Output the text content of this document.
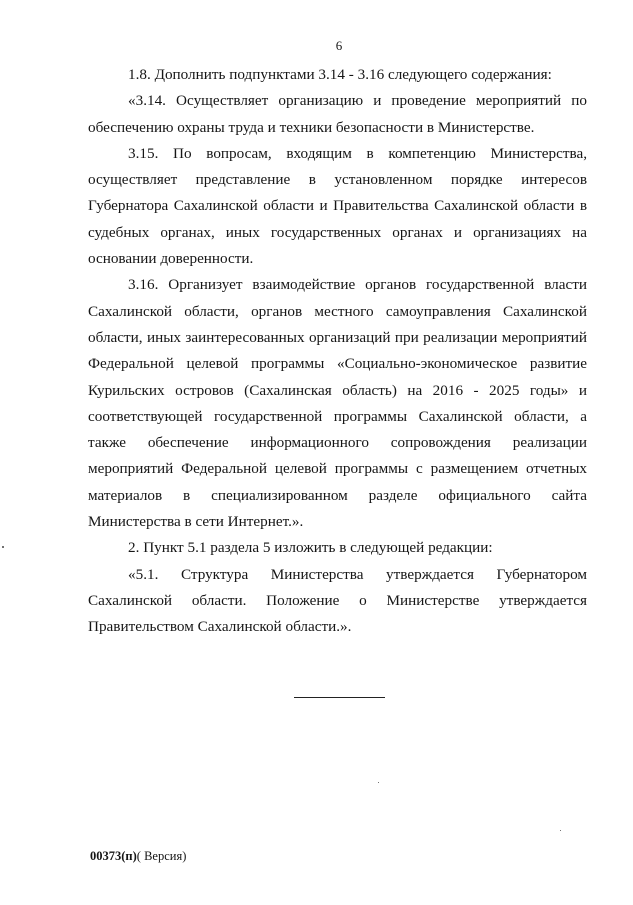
6

1.8. Дополнить подпунктами 3.14 - 3.16 следующего содержания:

«3.14. Осуществляет организацию и проведение мероприятий по обеспечению охраны труда и техники безопасности в Министерстве.

3.15. По вопросам, входящим в компетенцию Министерства, осуществляет представление в установленном порядке интересов Губернатора Сахалинской области и Правительства Сахалинской области в судебных органах, иных государственных органах и организациях на основании доверенности.

3.16. Организует взаимодействие органов государственной власти Сахалинской области, органов местного самоуправления Сахалинской области, иных заинтересованных организаций при реализации мероприятий Федеральной целевой программы «Социально-экономическое развитие Курильских островов (Сахалинская область) на 2016 - 2025 годы» и соответствующей государственной программы Сахалинской области, а также обеспечение информационного сопровождения реализации мероприятий Федеральной целевой программы с размещением отчетных материалов в специализированном разделе официального сайта Министерства в сети Интернет.».

2. Пункт 5.1 раздела 5 изложить в следующей редакции:

«5.1. Структура Министерства утверждается Губернатором Сахалинской области. Положение о Министерстве утверждается Правительством Сахалинской области.».

00373(п)( Версия)
